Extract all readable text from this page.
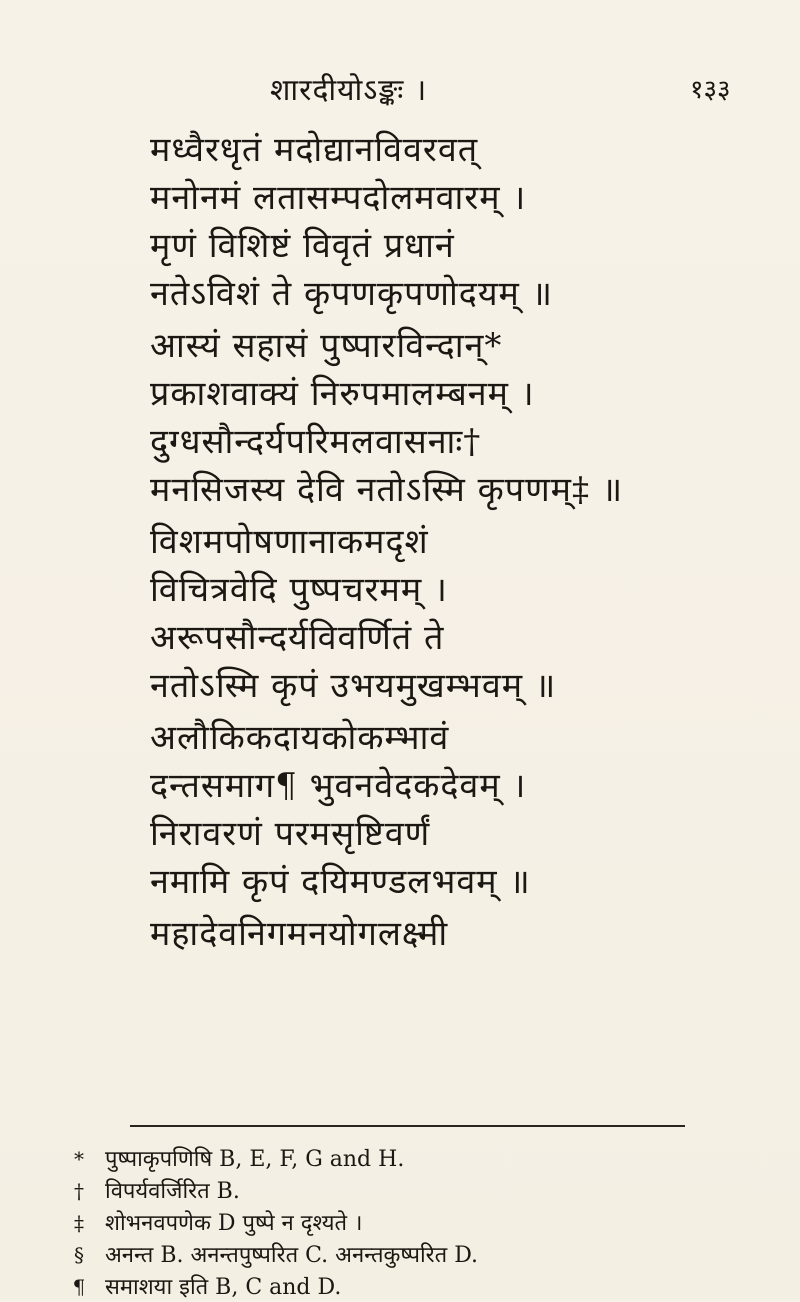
शारदीयोऽङ्कः ।	१३३
मध्वैरधृतं मदोद्यानविवरवत्
मनोनमं लतासम्पदोलमवारम् ।
मृणं विशिष्टं विवृतं प्रधानं
नतेऽविशं ते कृपणकृपणोदयम् ॥
आस्यं सहासं पुष्पारविन्दान्*
प्रकाशवाक्यं निरुपमालम्बनम् ।
दुग्धसौन्दर्यपरिमलवासनाः†
मनसिजस्य देवि नतोऽस्मि कृपणम्‡ ॥
विशमपोषणानाकमदृशं
विचित्रवेदि पुष्पचरमम् ।
अरूपसौन्दर्यविवर्णितं ते
नतोऽस्मि कृपं उभयमुखम्भवम् ॥
अलौकिकदायकोकम्भावं
दन्तसमाग¶ भुवनवेदकदेवम् ।
निरावरणं परमसृष्टिवर्णं
नमामि कृपं दयिमण्डलभवम् ॥
महादेवनिगमनयोगलक्ष्मी
* पुष्पाकृपणिषि B, E, F, G and H.
† विपर्यवर्जिरित B.
‡ शोभनवपणेक D पुष्पे न दृश्यते ।
§ अनन्त B. अनन्तपुष्परित C. अनन्तकुष्परित D.
¶ समाशया इति B, C and D.
